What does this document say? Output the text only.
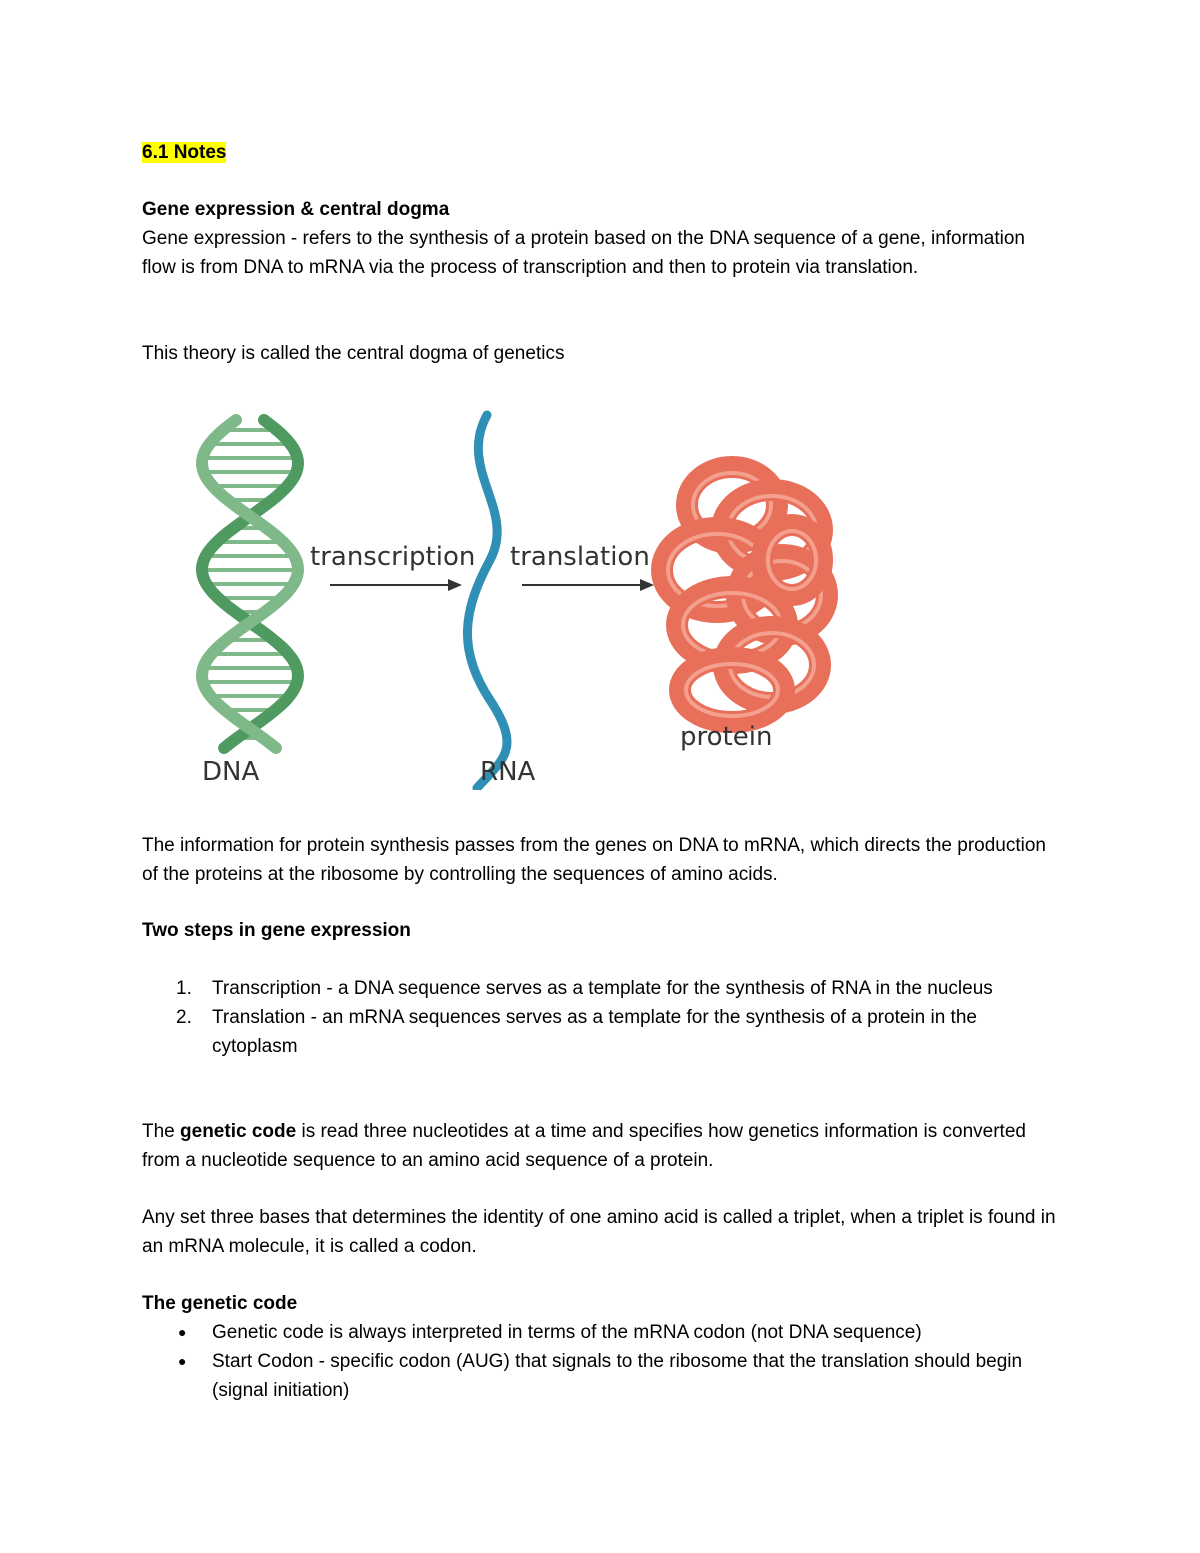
6.1 Notes
Gene expression & central dogma
Gene expression - refers to the synthesis of a protein based on the DNA sequence of a gene, information flow is from DNA to mRNA via the process of transcription and then to protein via translation.
This theory is called the central dogma of genetics
transcription translation
DNA	RNA
protein
The information for protein synthesis passes from the genes on DNA to mRNA, which directs the production of the proteins at the ribosome by controlling the sequences of amino acids.
Two steps in gene expression
1. Transcription - a DNA sequence serves as a template for the synthesis of RNA in the nucleus
2. Translation - an mRNA sequences serves as a template for the synthesis of a protein in the cytoplasm
The genetic code is read three nucleotides at a time and specifies how genetics information is converted from a nucleotide sequence to an amino acid sequence of a protein.
Any set three bases that determines the identity of one amino acid is called a triplet, when a triplet is found in an mRNA molecule, it is called a codon.
The genetic code
● Genetic code is always interpreted in terms of the mRNA codon (not DNA sequence)
● Start Codon - specific codon (AUG) that signals to the ribosome that the translation should begin (signal initiation)
